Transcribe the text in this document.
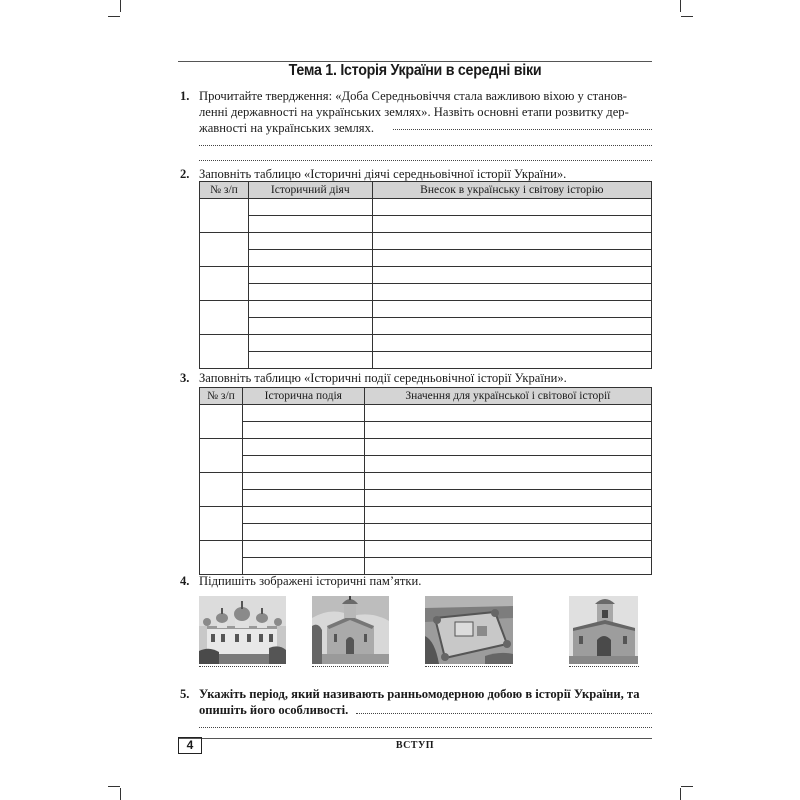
Тема 1. Історія України в середні віки
1. Прочитайте твердження: «Доба Середньовіччя стала важливою віхою у станов-
ленні державності на українських землях». Назвіть основні етапи розвитку дер-
жавності на українських землях.
2. Заповніть таблицю «Історичні діячі середньовічної історії України».
№ з/п	Історичний діяч	Внесок в українську і світову історію

3. Заповніть таблицю «Історичні події середньовічної історії України».
№ з/п	Історична подія	Значення для української і світової історії

4. Підпишіть зображені історичні пам’ятки.
5. Укажіть період, який називають ранньомодерною добою в історії України, та
опишіть його особливості.
4	ВСТУП
